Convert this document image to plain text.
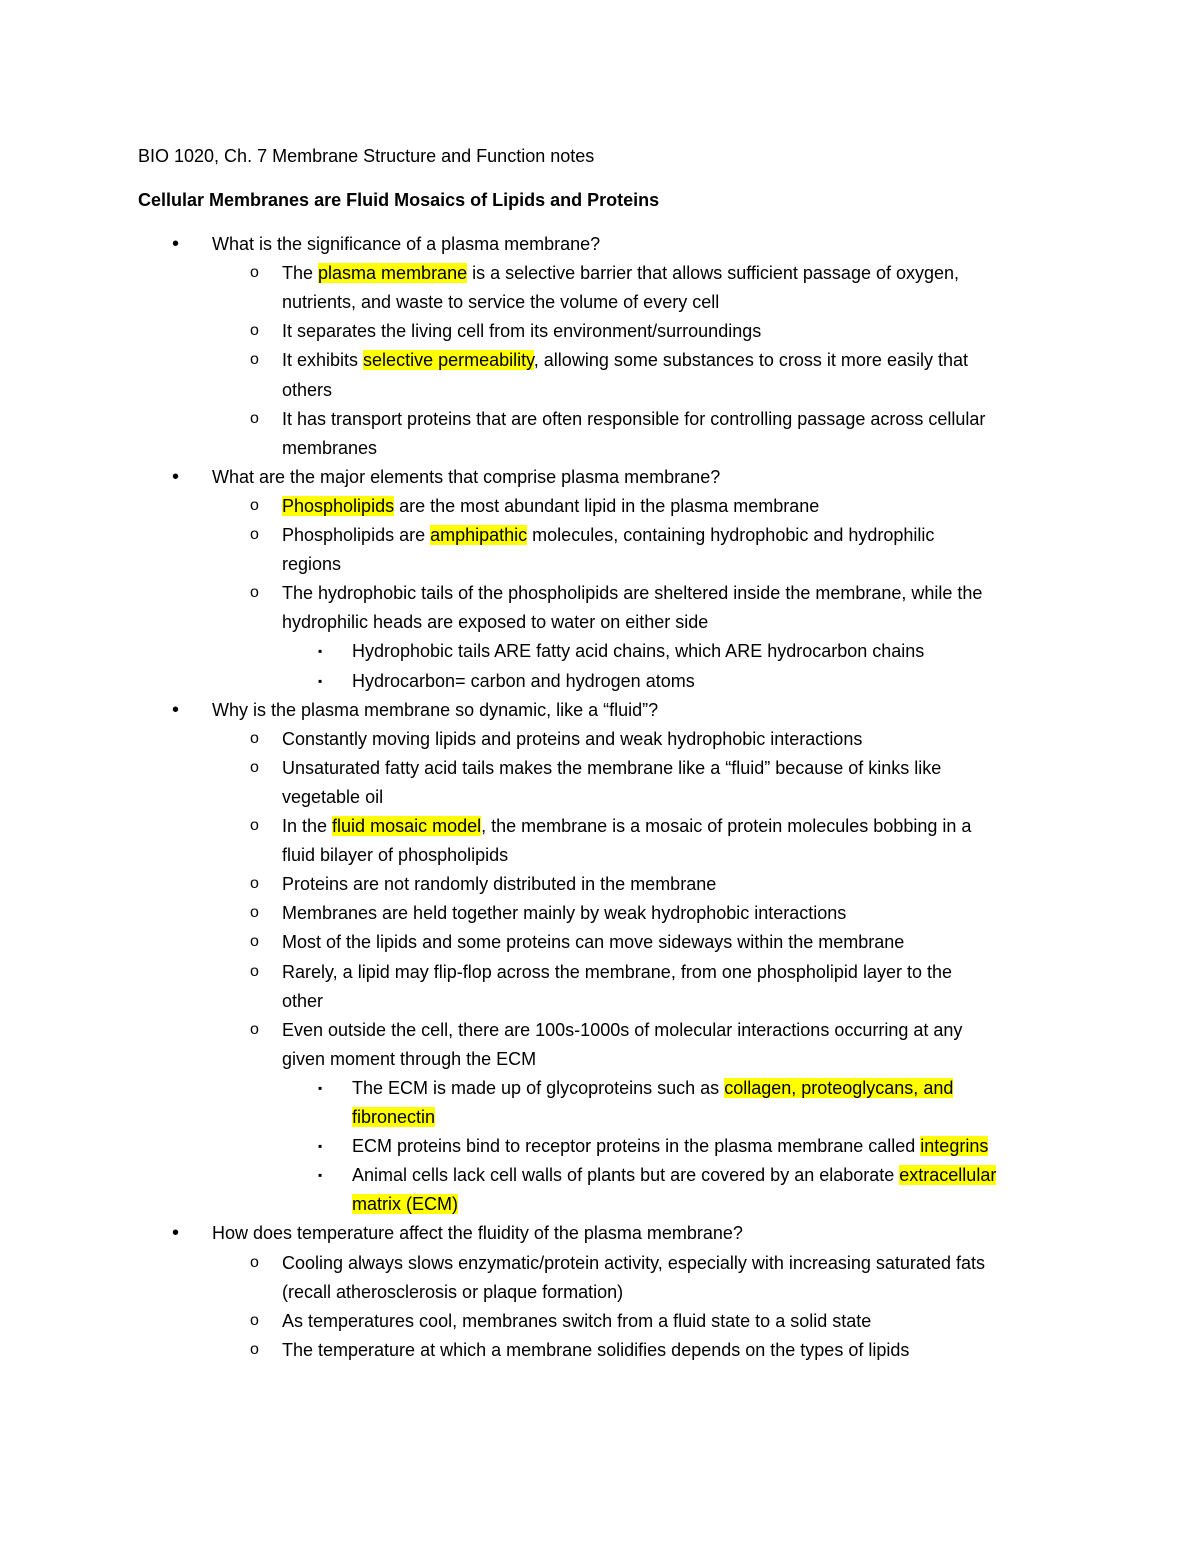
BIO 1020, Ch. 7 Membrane Structure and Function notes
Cellular Membranes are Fluid Mosaics of Lipids and Proteins
• What is the significance of a plasma membrane?
o The plasma membrane is a selective barrier that allows sufficient passage of oxygen,
nutrients, and waste to service the volume of every cell
o It separates the living cell from its environment/surroundings
o It exhibits selective permeability, allowing some substances to cross it more easily that
others
o It has transport proteins that are often responsible for controlling passage across cellular
membranes
• What are the major elements that comprise plasma membrane?
o Phospholipids are the most abundant lipid in the plasma membrane
o Phospholipids are amphipathic molecules, containing hydrophobic and hydrophilic
regions
o The hydrophobic tails of the phospholipids are sheltered inside the membrane, while the
hydrophilic heads are exposed to water on either side
▪ Hydrophobic tails ARE fatty acid chains, which ARE hydrocarbon chains
▪ Hydrocarbon= carbon and hydrogen atoms
• Why is the plasma membrane so dynamic, like a “fluid”?
o Constantly moving lipids and proteins and weak hydrophobic interactions
o Unsaturated fatty acid tails makes the membrane like a “fluid” because of kinks like
vegetable oil
o In the fluid mosaic model, the membrane is a mosaic of protein molecules bobbing in a
fluid bilayer of phospholipids
o Proteins are not randomly distributed in the membrane
o Membranes are held together mainly by weak hydrophobic interactions
o Most of the lipids and some proteins can move sideways within the membrane
o Rarely, a lipid may flip-flop across the membrane, from one phospholipid layer to the
other
o Even outside the cell, there are 100s-1000s of molecular interactions occurring at any
given moment through the ECM
▪ The ECM is made up of glycoproteins such as collagen, proteoglycans, and
fibronectin
▪ ECM proteins bind to receptor proteins in the plasma membrane called integrins
▪ Animal cells lack cell walls of plants but are covered by an elaborate extracellular
matrix (ECM)
• How does temperature affect the fluidity of the plasma membrane?
o Cooling always slows enzymatic/protein activity, especially with increasing saturated fats
(recall atherosclerosis or plaque formation)
o As temperatures cool, membranes switch from a fluid state to a solid state
o The temperature at which a membrane solidifies depends on the types of lipids
